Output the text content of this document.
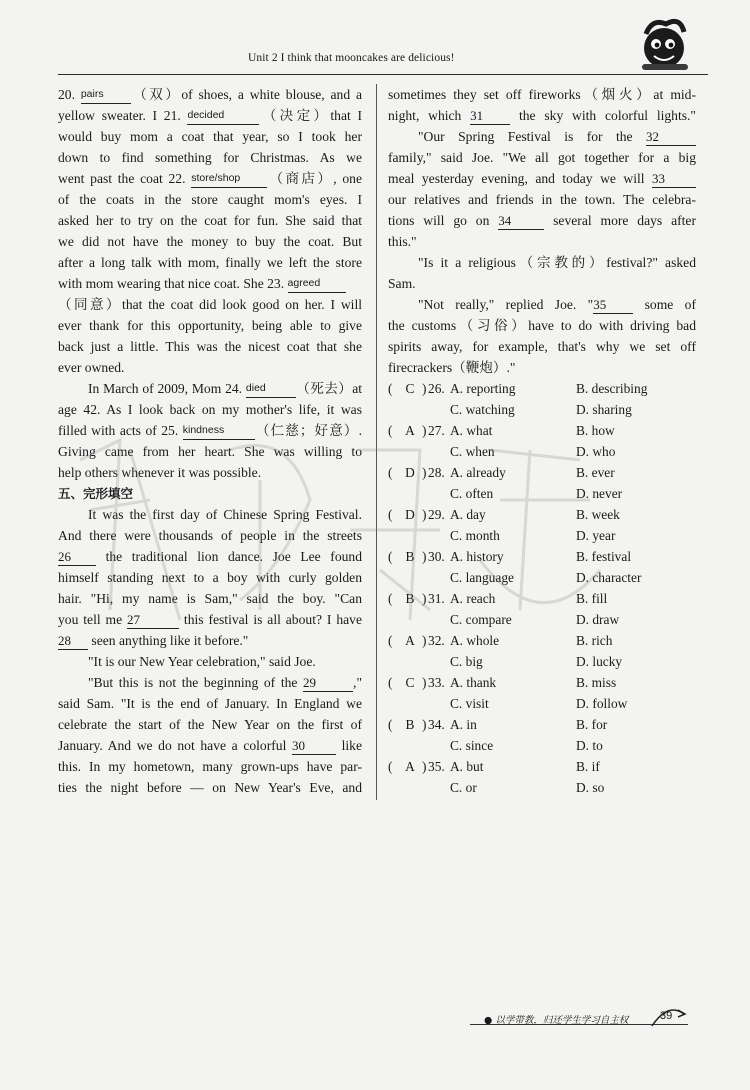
Unit 2 I think that mooncakes are delicious!

20. pairs （双）of shoes, a white blouse, and a

yellow sweater. I 21. decided	（决定）that I

would buy mom a coat that year, so I took her

down to find something for Christmas. As we

went past the coat 22. store/shop （商店）, one

of the coats in the store caught mom's eyes. I

asked her to try on the coat for fun. She said that

we did not have the money to buy the coat. But

after a long talk with mom, finally we left the store

with mom wearing that nice coat. She 23. agreed

（同意）that the coat did look good on her. I will

ever thank for this opportunity, being able to give

back just a little. This was the nicest coat that she

ever owned.

In March of 2009, Mom 24. died （死去）at

age 42. As I look back on my mother's life, it was

filled with acts of 25. kindness （仁慈；好意）.

Giving came from her heart. She was willing to

help others whenever it was possible.

五、完形填空

It was the first day of Chinese Spring Festival.

And there were thousands of people in the streets

26	the traditional lion dance. Joe Lee found

himself standing next to a boy with curly golden

hair. "Hi, my name is Sam," said the boy. "Can

you tell me 27	this festival is all about? I have

28 seen anything like it before."

"It is our New Year celebration," said Joe.

"But this is not the beginning of the 29	,"

said Sam. "It is the end of January. In England we

celebrate the start of the New Year on the first of

January. And we do not have a colorful 30	like

this. In my hometown, many grown-ups have par-

ties the night before — on New Year's Eve, and

sometimes they set off fireworks（烟火）at mid-

night, which 31	the sky with colorful lights."

"Our Spring Festival is for the 32

family," said Joe. "We all got together for a big

meal yesterday evening, and today we will 33

our relatives and friends in the town. The celebra-

tions will go on 34	several more days after

this."

"Is it a religious（宗教的）festival?" asked

Sam.

"Not really," replied Joe. "35	some of

the customs（习俗）have to do with driving bad

spirits away, for example, that's why we set off

firecrackers（鞭炮）."

( C ) 26. A. reporting	B. describing
C. watching	D. sharing
( A ) 27. A. what	B. how
C. when	D. who
( D ) 28. A. already	B. ever
C. often	D. never
( D ) 29. A. day	B. week
C. month	D. year
( B ) 30. A. history	B. festival
C. language	D. character
( B ) 31. A. reach	B. fill
C. compare	D. draw
( A ) 32. A. whole	B. rich
C. big	D. lucky
( C ) 33. A. thank	B. miss
C. visit	D. follow
( B ) 34. A. in	B. for
C. since	D. to
( A ) 35. A. but	B. if
C. or	D. so
● 以学带教，归还学生学习自主权	39
